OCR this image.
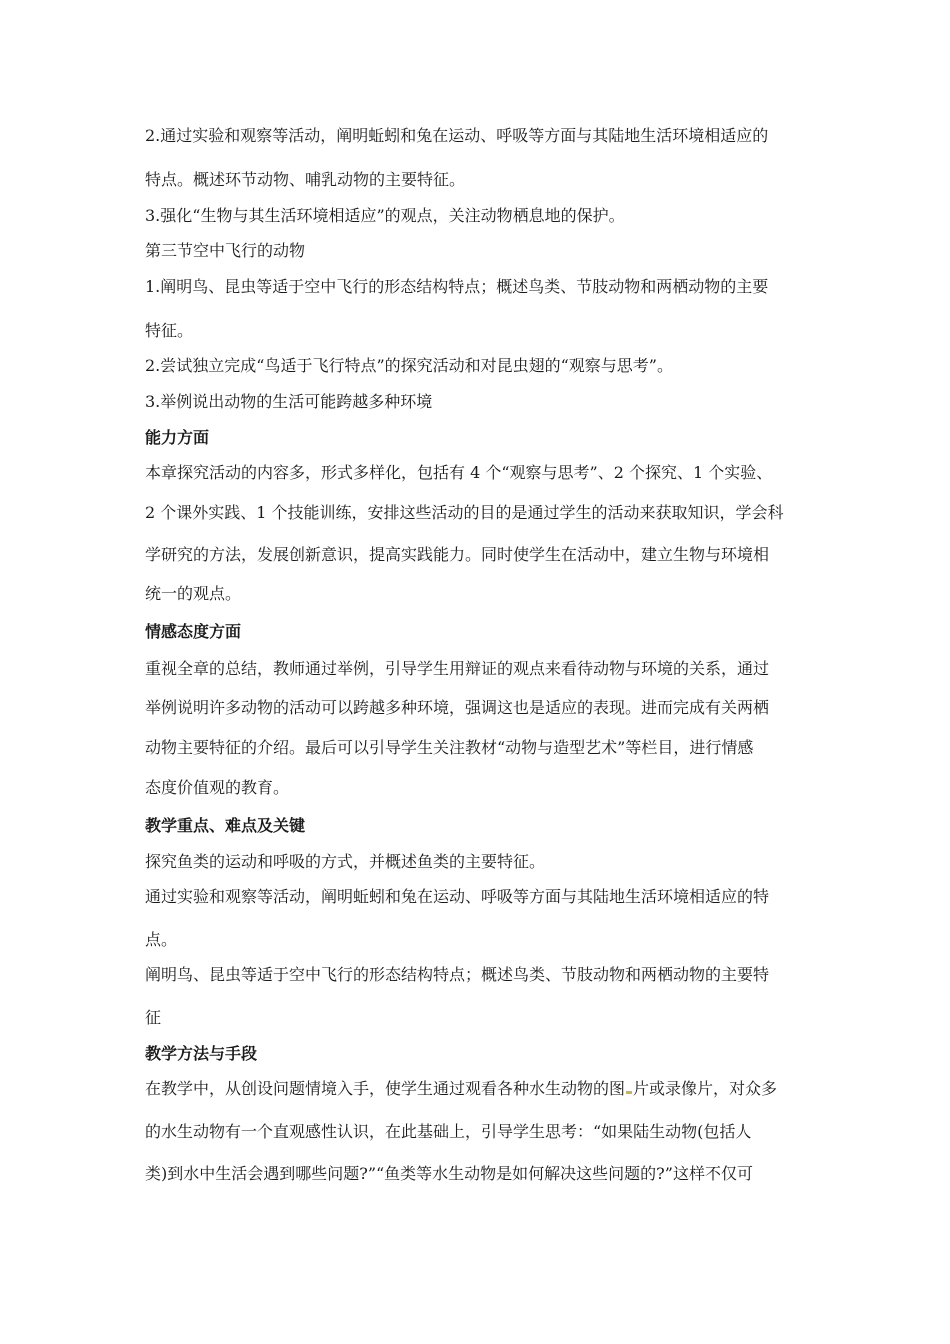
2.通过实验和观察等活动，阐明蚯蚓和兔在运动、呼吸等方面与其陆地生活环境相适应的
特点。概述环节动物、哺乳动物的主要特征。
3.强化“生物与其生活环境相适应”的观点，关注动物栖息地的保护。
第三节空中飞行的动物
1.阐明鸟、昆虫等适于空中飞行的形态结构特点；概述鸟类、节肢动物和两栖动物的主要
特征。
2.尝试独立完成“鸟适于飞行特点”的探究活动和对昆虫翅的“观察与思考”。
3.举例说出动物的生活可能跨越多种环境
能力方面
本章探究活动的内容多，形式多样化，包括有 4 个“观察与思考”、2 个探究、1 个实验、
2 个课外实践、1 个技能训练，安排这些活动的目的是通过学生的活动来获取知识，学会科
学研究的方法，发展创新意识，提高实践能力。同时使学生在活动中，建立生物与环境相
统一的观点。
情感态度方面
重视全章的总结，教师通过举例，引导学生用辩证的观点来看待动物与环境的关系，通过
举例说明许多动物的活动可以跨越多种环境，强调这也是适应的表现。进而完成有关两栖
动物主要特征的介绍。最后可以引导学生关注教材“动物与造型艺术”等栏目，进行情感
态度价值观的教育。
教学重点、难点及关键
探究鱼类的运动和呼吸的方式，并概述鱼类的主要特征。
通过实验和观察等活动，阐明蚯蚓和兔在运动、呼吸等方面与其陆地生活环境相适应的特
点。
阐明鸟、昆虫等适于空中飞行的形态结构特点；概述鸟类、节肢动物和两栖动物的主要特
征
教学方法与手段
在教学中，从创设问题情境入手，使学生通过观看各种水生动物的图 片或录像片，对众多
的水生动物有一个直观感性认识，在此基础上，引导学生思考：“如果陆生动物(包括人
类)到水中生活会遇到哪些问题?”“鱼类等水生动物是如何解决这些问题的?”这样不仅可
